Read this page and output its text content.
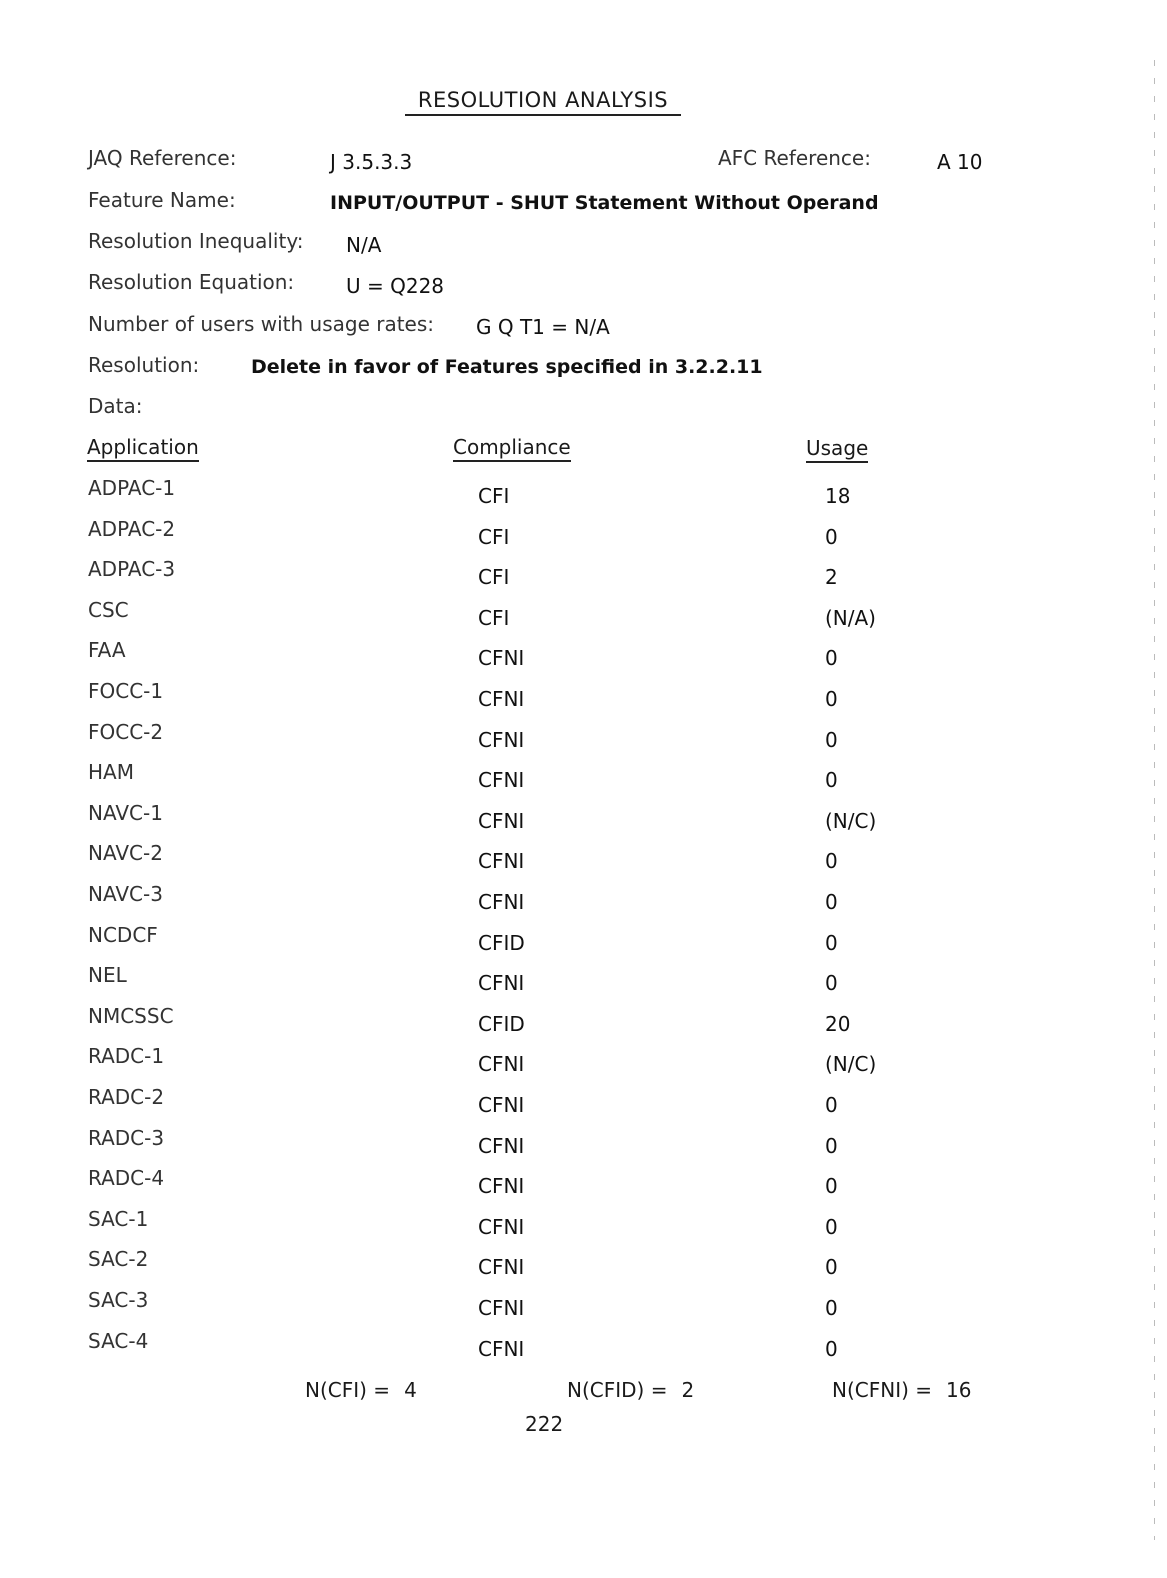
RESOLUTION ANALYSIS
JAQ Reference:	J 3.5.3.3	AFC Reference:	A 10
Feature Name:	INPUT/OUTPUT - SHUT Statement Without Operand
Resolution Inequality: N/A
Resolution Equation:	U = Q228
Number of users with usage rates: G Q T1 = N/A
Resolution:	Delete in favor of Features specified in 3.2.2.11
Data:
Application	Compliance	Usage
ADPAC-1	CFI	18
ADPAC-2	CFI	0
ADPAC-3	CFI	2
CSC	CFI	(N/A)
FAA	CFNI	0
FOCC-1	CFNI	0
FOCC-2	CFNI	0
HAM	CFNI	0
NAVC-1	CFNI	(N/C)
NAVC-2	CFNI	0
NAVC-3	CFNI	0
NCDCF	CFID	0
NEL	CFNI	0
NMCSSC	CFID	20
RADC-1	CFNI	(N/C)
RADC-2	CFNI	0
RADC-3	CFNI	0
RADC-4	CFNI	0
SAC-1	CFNI	0
SAC-2	CFNI	0
SAC-3	CFNI	0
SAC-4	CFNI	0
N(CFI) = 4	N(CFID) = 2	N(CFNI) = 16
222
